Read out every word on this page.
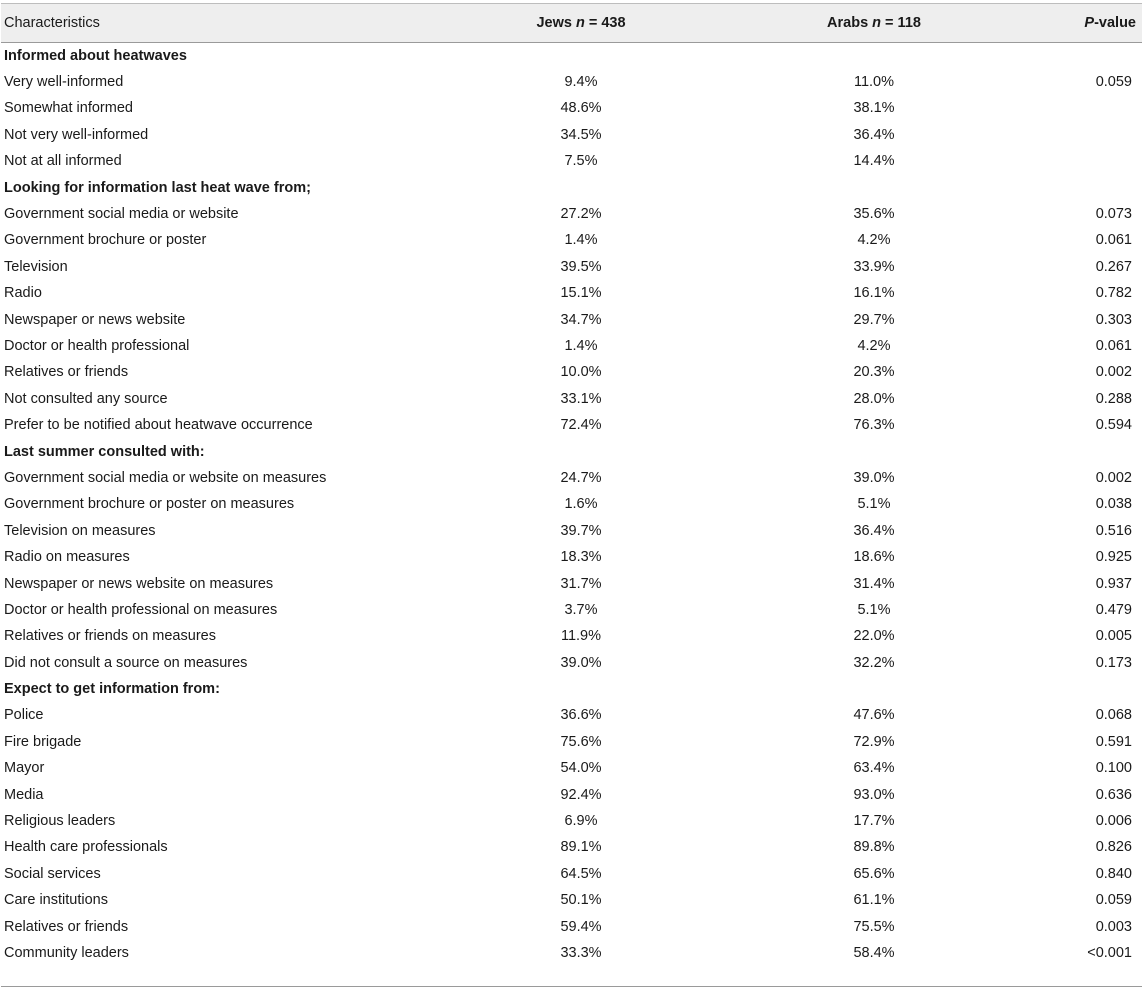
Characteristics	Jews n = 438	Arabs n = 118	P-value
Informed about heatwaves			
Very well-informed	9.4%	11.0%	0.059
Somewhat informed	48.6%	38.1%	
Not very well-informed	34.5%	36.4%	
Not at all informed	7.5%	14.4%	
Looking for information last heat wave from;			
Government social media or website	27.2%	35.6%	0.073
Government brochure or poster	1.4%	4.2%	0.061
Television	39.5%	33.9%	0.267
Radio	15.1%	16.1%	0.782
Newspaper or news website	34.7%	29.7%	0.303
Doctor or health professional	1.4%	4.2%	0.061
Relatives or friends	10.0%	20.3%	0.002
Not consulted any source	33.1%	28.0%	0.288
Prefer to be notified about heatwave occurrence	72.4%	76.3%	0.594
Last summer consulted with:			
Government social media or website on measures	24.7%	39.0%	0.002
Government brochure or poster on measures	1.6%	5.1%	0.038
Television on measures	39.7%	36.4%	0.516
Radio on measures	18.3%	18.6%	0.925
Newspaper or news website on measures	31.7%	31.4%	0.937
Doctor or health professional on measures	3.7%	5.1%	0.479
Relatives or friends on measures	11.9%	22.0%	0.005
Did not consult a source on measures	39.0%	32.2%	0.173
Expect to get information from:			
Police	36.6%	47.6%	0.068
Fire brigade	75.6%	72.9%	0.591
Mayor	54.0%	63.4%	0.100
Media	92.4%	93.0%	0.636
Religious leaders	6.9%	17.7%	0.006
Health care professionals	89.1%	89.8%	0.826
Social services	64.5%	65.6%	0.840
Care institutions	50.1%	61.1%	0.059
Relatives or friends	59.4%	75.5%	0.003
Community leaders	33.3%	58.4%	<0.001
